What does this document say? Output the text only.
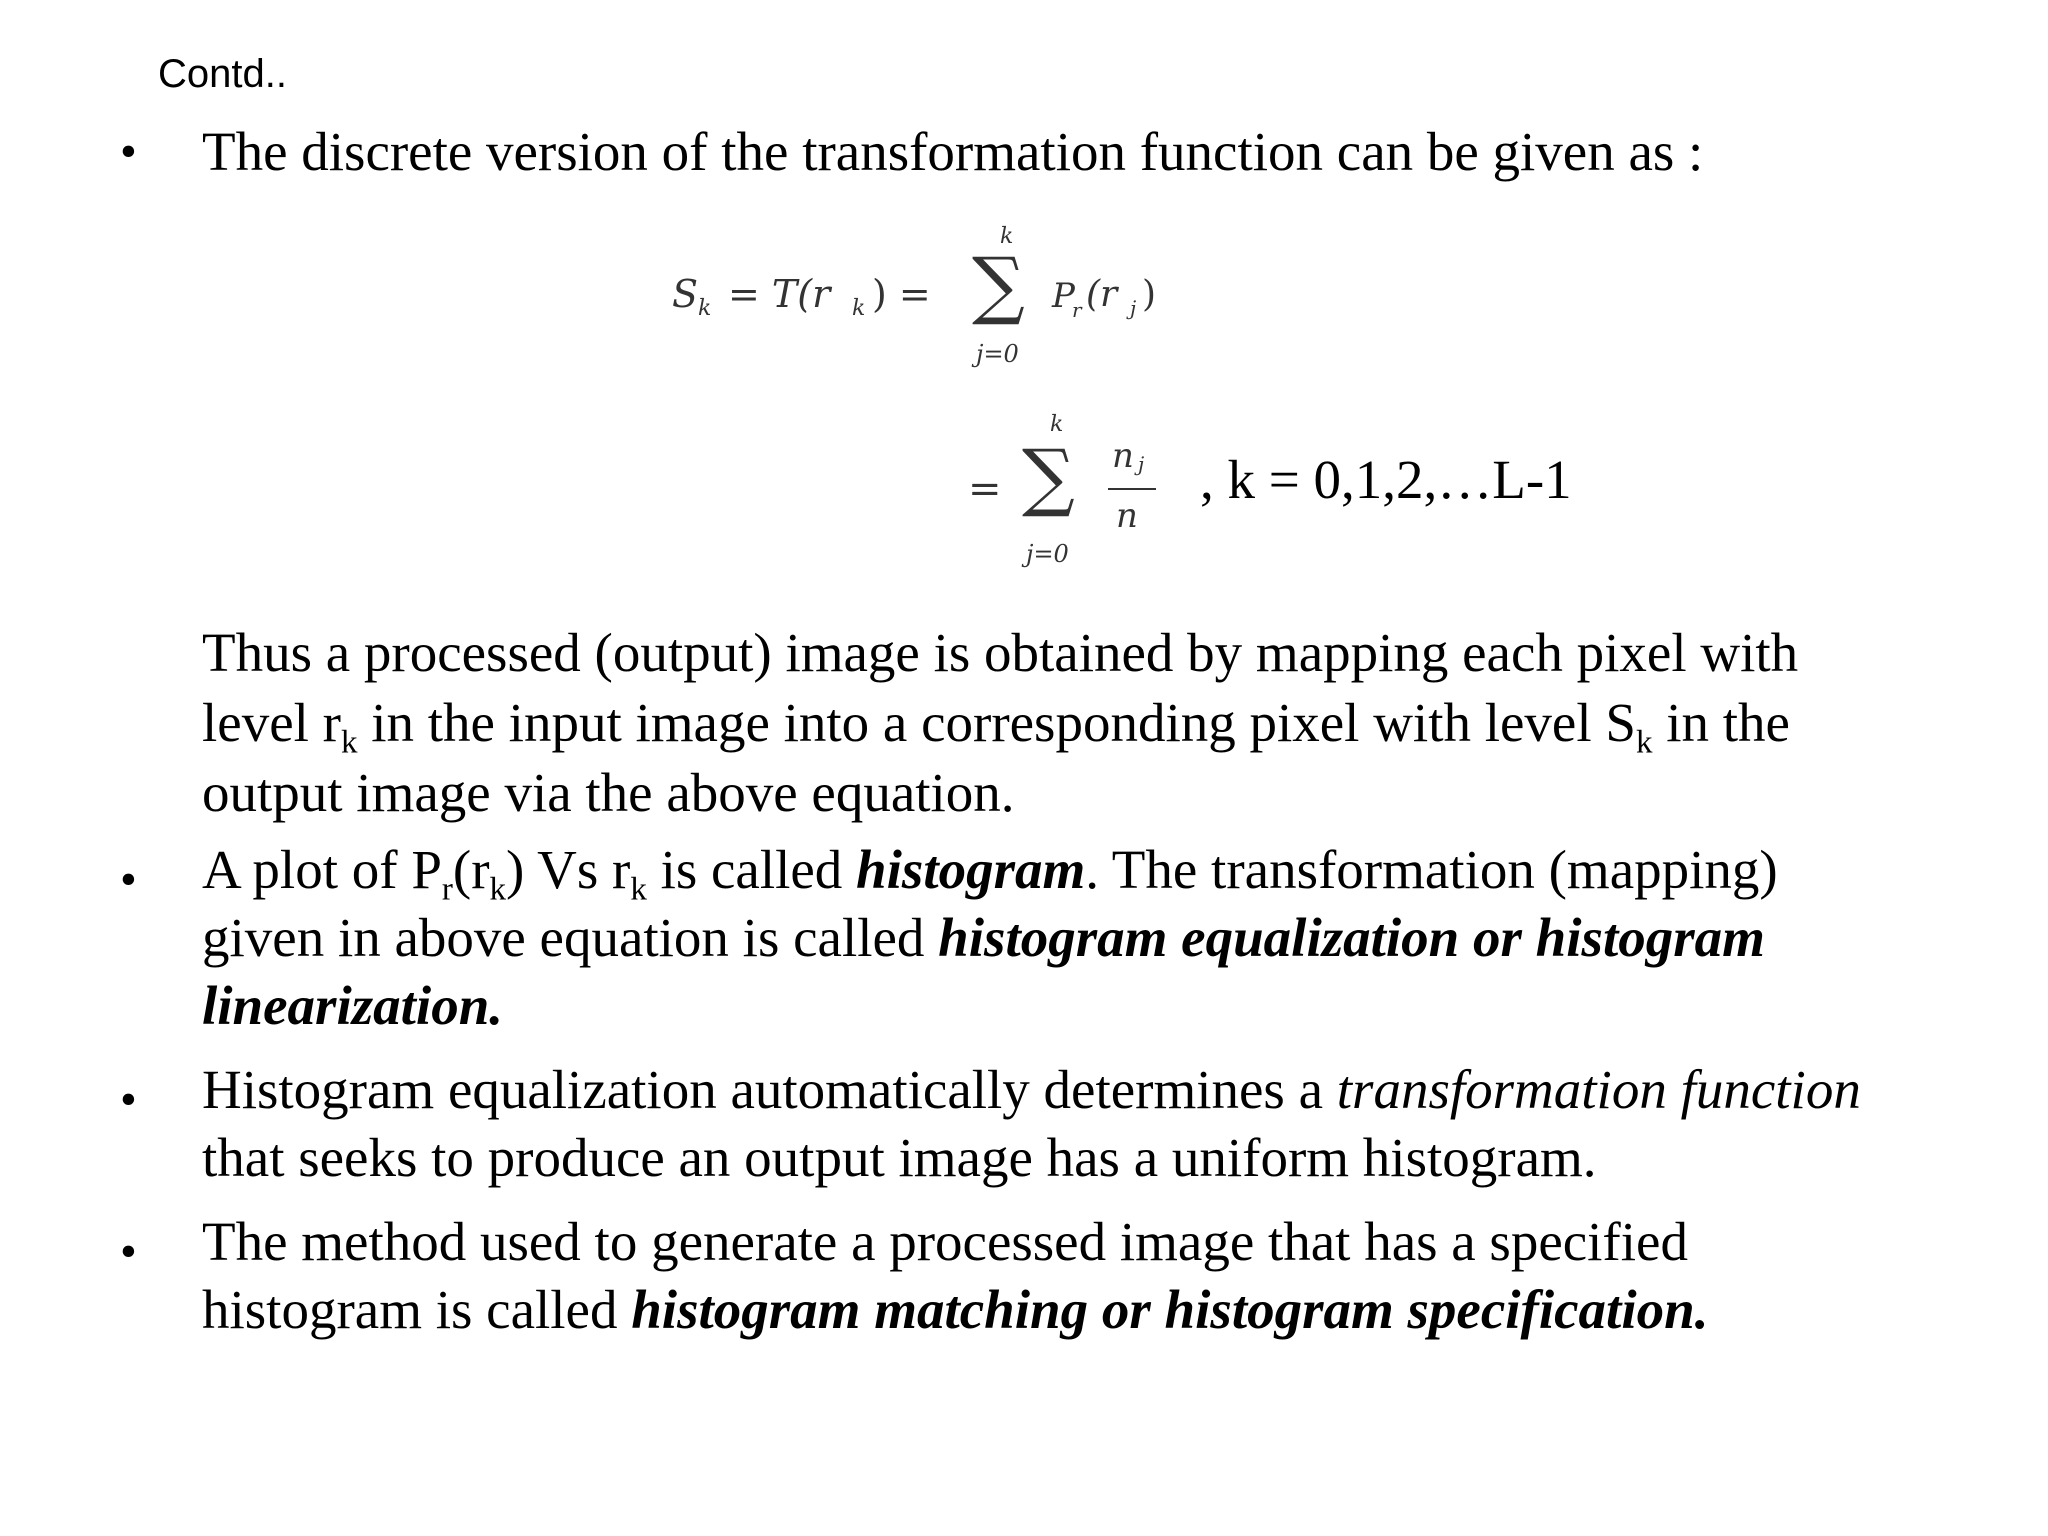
Contd..
• The discrete version of the transformation function can be given as :
S k = T(r k ) =
k
∑
j=0
P
r (r j )
=
k
∑
j=0
n j
n
, k = 0,1,2,…L-1
Thus a processed (output) image is obtained by mapping each pixel with
level $r_k$ in the input image into a corresponding pixel with level $S_k$ in the
output image via the above equation.
• A plot of $P_r(r_k)$ Vs $r_k$ is called histogram. The transformation (mapping)
given in above equation is called histogram equalization or histogram
linearization.
• Histogram equalization automatically determines a transformation function
that seeks to produce an output image has a uniform histogram.
• The method used to generate a processed image that has a specified
histogram is called histogram matching or histogram specification.
